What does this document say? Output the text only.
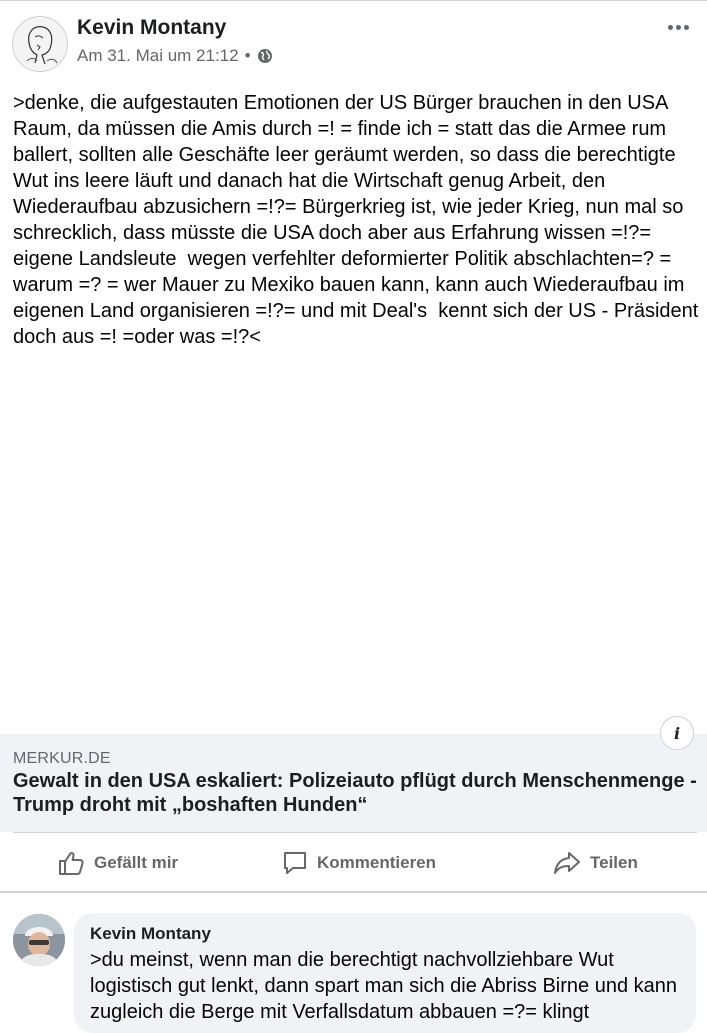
Kevin Montany
Am 31. Mai um 21:12 •
>denke, die aufgestauten Emotionen der US Bürger brauchen in den USA Raum, da müssen die Amis durch =! = finde ich = statt das die Armee rum ballert, sollten alle Geschäfte leer geräumt werden, so dass die berechtigte Wut ins leere läuft und danach hat die Wirtschaft genug Arbeit, den Wiederaufbau abzusichern =!?= Bürgerkrieg ist, wie jeder Krieg, nun mal so schrecklich, dass müsste die USA doch aber aus Erfahrung wissen =!?= eigene Landsleute  wegen verfehlter deformierter Politik abschlachten=? = warum =? = wer Mauer zu Mexiko bauen kann, kann auch Wiederaufbau im eigenen Land organisieren =!?= und mit Deal's  kennt sich der US - Präsident doch aus =! =oder was =!?<
i
MERKUR.DE
Gewalt in den USA eskaliert: Polizeiauto pflügt durch Menschenmenge - Trump droht mit „boshaften Hunden“
Gefällt mir	Kommentieren	Teilen
Kevin Montany
>du meinst, wenn man die berechtigt nachvollziehbare Wut logistisch gut lenkt, dann spart man sich die Abriss Birne und kann zugleich die Berge mit Verfallsdatum abbauen =?= klingt
